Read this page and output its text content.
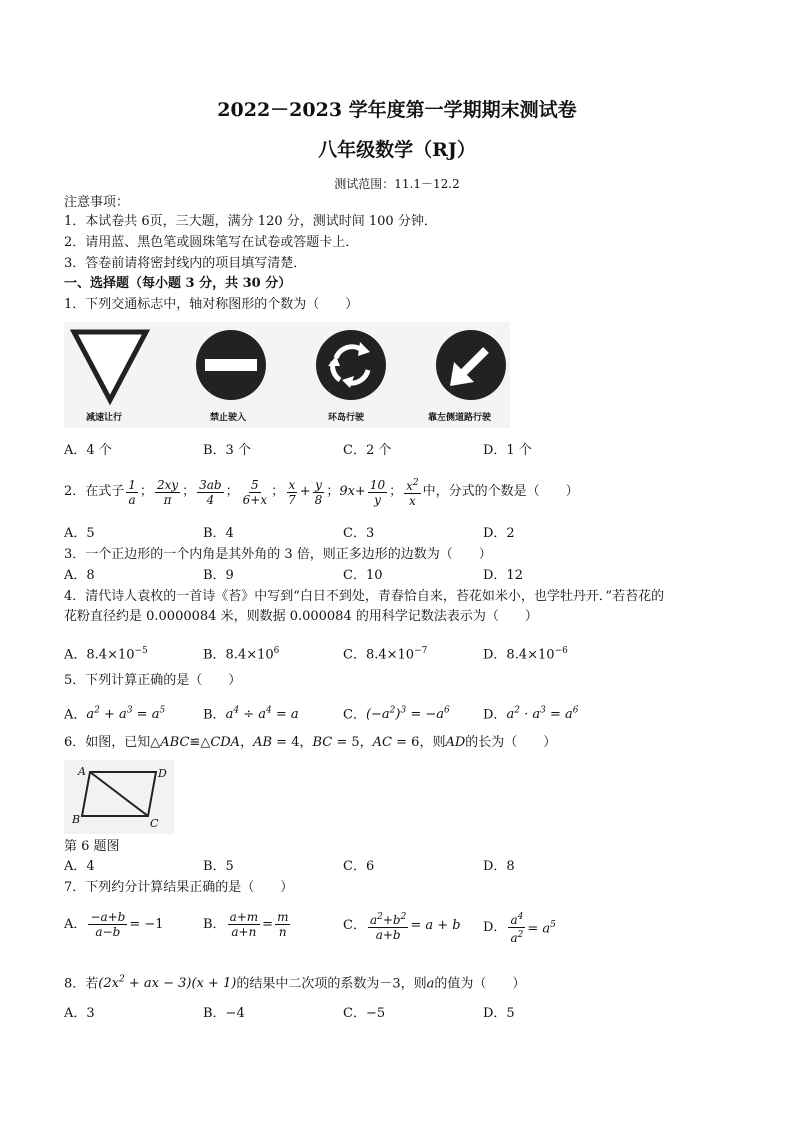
2022－2023 学年度第一学期期末测试卷
八年级数学（RJ）
测试范围：11.1－12.2
注意事项：
1．本试卷共 6页，三大题，满分 120 分，测试时间 100 分钟．
2．请用蓝、黑色笔或圆珠笔写在试卷或答题卡上．
3．答卷前请将密封线内的项目填写清楚．
一、选择题（每小题 3 分，共 30 分）
1．下列交通标志中，轴对称图形的个数为（　　）
减速让行	禁止驶入	环岛行驶	靠左侧道路行驶
A．4 个	B．3 个	C．2 个	D．1 个
2．在式子 $\frac{1}{a}$ ； $\frac{2xy}{\pi}$ ； $\frac{3ab}{4}$ ； $\frac{5}{6+x}$ ； $\frac{x}{7} + \frac{y}{8}$ ； $9x+ \frac{10}{y}$ ； $\frac{x^2}{x}$ 中，分式的个数是（　　）
A．5	B．4	C．3	D．2
3．一个正边形的一个内角是其外角的 3 倍，则正多边形的边数为（　　）
A．8	B．9	C．10	D．12
4．清代诗人袁枚的一首诗《苔》中写到“白日不到处，青春恰自来，苔花如米小，也学牡丹开．”若苔花的
花粉直径约是 0.0000084 米，则数据 0.000084 的用科学记数法表示为（　　）
A．$8.4\times 10^{-5}$	B．$8.4\times 10^6$	C．$8.4\times 10^{-7}$	D．$8.4\times 10^{-6}$
5．下列计算正确的是（　　）
A．$a^2 + a^3 = a^5$	B．$a^4 \div a^4 = a$	C．$(-a^2)^3 = -a^6$	D．$a^2 \cdot a^3 = a^6$
6．如图，已知△ABC≌△CDA，AB = 4，BC = 5，AC = 6，则AD的长为（　　）
A	D
B	C
第 6 题图
A．4	B．5	C．6	D．8
7．下列约分计算结果正确的是（　　）
A． $\frac{-a+b}{a-b} = -1$	B． $\frac{a+m}{a+n} = \frac{m}{n}$	C． $\frac{a^2+b^2}{a+b} = a + b$ D． $\frac{a^4}{a^2} = a^5$
8．若($2x^2$ + ax − 3)(x + 1)的结果中二次项的系数为－3，则a的值为（　　）
A．3	B．−4	C．−5	D．5
